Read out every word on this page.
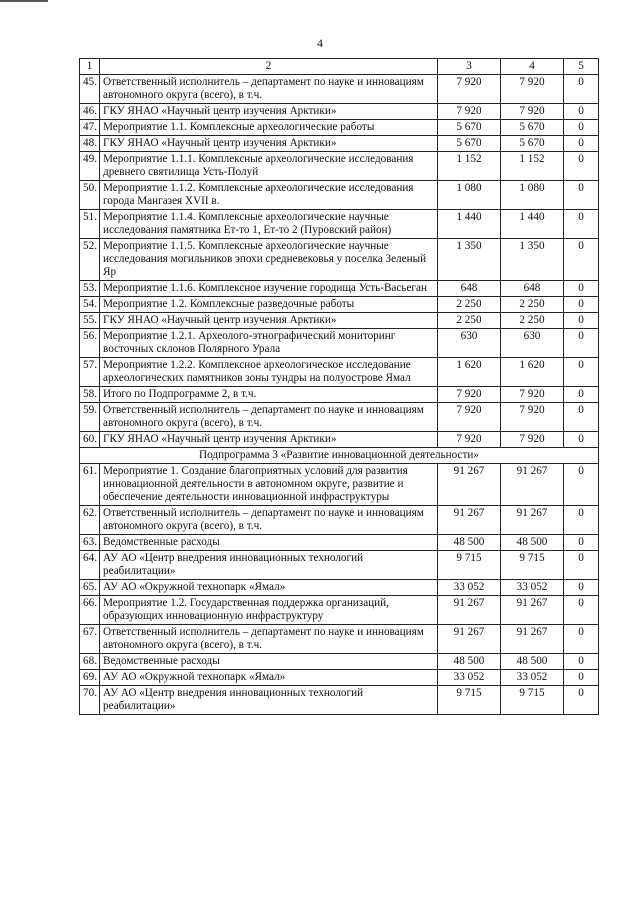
4
1	2	3	4	5
45.	Ответственный исполнитель – департамент по науке и инновациям автономного округа (всего), в т.ч.	7 920	7 920	0
46.	ГКУ ЯНАО «Научный центр изучения Арктики»	7 920	7 920	0
47.	Мероприятие 1.1. Комплексные археологические работы	5 670	5 670	0
48.	ГКУ ЯНАО «Научный центр изучения Арктики»	5 670	5 670	0
49.	Мероприятие 1.1.1. Комплексные археологические исследования древнего святилища Усть-Полуй	1 152	1 152	0
50.	Мероприятие 1.1.2. Комплексные археологические исследования города Мангазея XVII в.	1 080	1 080	0
51.	Мероприятие 1.1.4. Комплексные археологические научные исследования памятника Ет-то 1, Ет-то 2 (Пуровский район)	1 440	1 440	0
52.	Мероприятие 1.1.5. Комплексные археологические научные исследования могильников эпохи средневековья у поселка Зеленый Яр	1 350	1 350	0
53.	Мероприятие 1.1.6. Комплексное изучение городища Усть-Васьеган	648	648	0
54.	Мероприятие 1.2. Комплексные разведочные работы	2 250	2 250	0
55.	ГКУ ЯНАО «Научный центр изучения Арктики»	2 250	2 250	0
56.	Мероприятие 1.2.1. Археолого-этнографический мониторинг восточных склонов Полярного Урала	630	630	0
57.	Мероприятие 1.2.2. Комплексное археологическое исследование археологических памятников зоны тундры на полуострове Ямал	1 620	1 620	0
58.	Итого по Подпрограмме 2, в т.ч.	7 920	7 920	0
59.	Ответственный исполнитель – департамент по науке и инновациям автономного округа (всего), в т.ч.	7 920	7 920	0
60.	ГКУ ЯНАО «Научный центр изучения Арктики»	7 920	7 920	0
Подпрограмма 3 «Развитие инновационной деятельности»				
61.	Мероприятие 1. Создание благоприятных условий для развития инновационной деятельности в автономном округе, развитие и обеспечение деятельности инновационной инфраструктуры	91 267	91 267	0
62.	Ответственный исполнитель – департамент по науке и инновациям автономного округа (всего), в т.ч.	91 267	91 267	0
63.	Ведомственные расходы	48 500	48 500	0
64.	АУ АО «Центр внедрения инновационных технологий реабилитации»	9 715	9 715	0
65.	АУ АО «Окружной технопарк «Ямал»	33 052	33 052	0
66.	Мероприятие 1.2. Государственная поддержка организаций, образующих инновационную инфраструктуру	91 267	91 267	0
67.	Ответственный исполнитель – департамент по науке и инновациям автономного округа (всего), в т.ч.	91 267	91 267	0
68.	Ведомственные расходы	48 500	48 500	0
69.	АУ АО «Окружной технопарк «Ямал»	33 052	33 052	0
70.	АУ АО «Центр внедрения инновационных технологий реабилитации»	9 715	9 715	0
